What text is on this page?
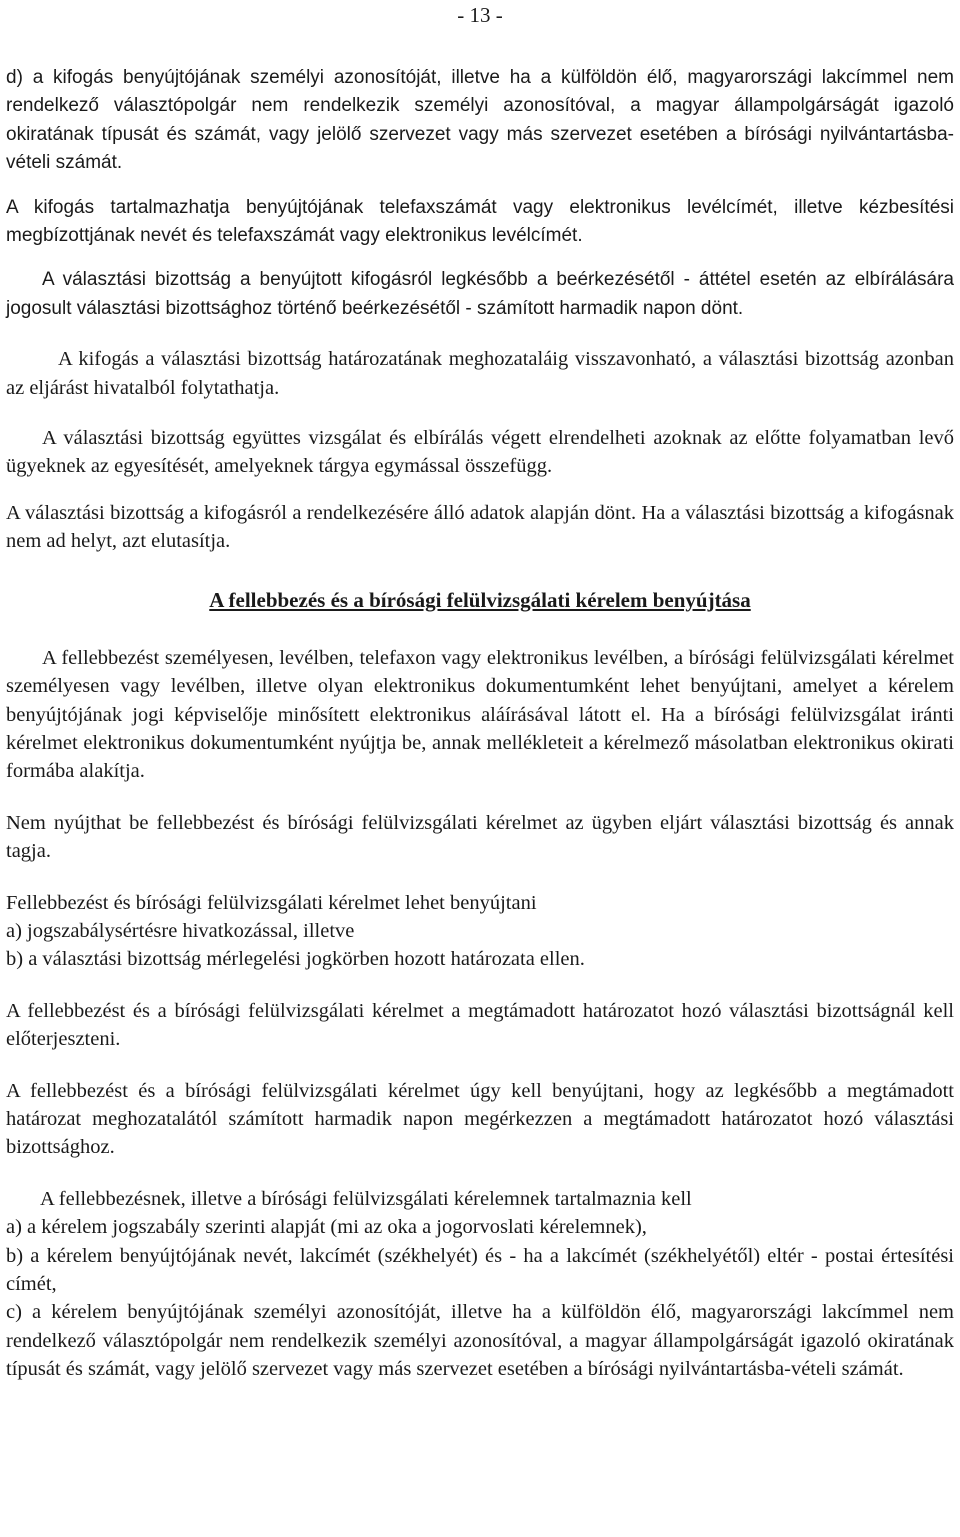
- 13 -

d) a kifogás benyújtójának személyi azonosítóját, illetve ha a külföldön élő, magyarországi lakcímmel nem rendelkező választópolgár nem rendelkezik személyi azonosítóval, a magyar állampolgárságát igazoló okiratának típusát és számát, vagy jelölő szervezet vagy más szervezet esetében a bírósági nyilvántartásba-vételi számát.

A kifogás tartalmazhatja benyújtójának telefaxszámát vagy elektronikus levélcímét, illetve kézbesítési megbízottjának nevét és telefaxszámát vagy elektronikus levélcímét.

A választási bizottság a benyújtott kifogásról legkésőbb a beérkezésétől - áttétel esetén az elbírálására jogosult választási bizottsághoz történő beérkezésétől - számított harmadik napon dönt.

A kifogás a választási bizottság határozatának meghozataláig visszavonható, a választási bizottság azonban az eljárást hivatalból folytathatja.

A választási bizottság együttes vizsgálat és elbírálás végett elrendelheti azoknak az előtte folyamatban levő ügyeknek az egyesítését, amelyeknek tárgya egymással összefügg.

A választási bizottság a kifogásról a rendelkezésére álló adatok alapján dönt. Ha a választási bizottság a kifogásnak nem ad helyt, azt elutasítja.

A fellebbezés és a bírósági felülvizsgálati kérelem benyújtása

A fellebbezést személyesen, levélben, telefaxon vagy elektronikus levélben, a bírósági felülvizsgálati kérelmet személyesen vagy levélben, illetve olyan elektronikus dokumentumként lehet benyújtani, amelyet a kérelem benyújtójának jogi képviselője minősített elektronikus aláírásával látott el. Ha a bírósági felülvizsgálat iránti kérelmet elektronikus dokumentumként nyújtja be, annak mellékleteit a kérelmező másolatban elektronikus okirati formába alakítja.

Nem nyújthat be fellebbezést és bírósági felülvizsgálati kérelmet az ügyben eljárt választási bizottság és annak tagja.

Fellebbezést és bírósági felülvizsgálati kérelmet lehet benyújtani
a) jogszabálysértésre hivatkozással, illetve
b) a választási bizottság mérlegelési jogkörben hozott határozata ellen.

A fellebbezést és a bírósági felülvizsgálati kérelmet a megtámadott határozatot hozó választási bizottságnál kell előterjeszteni.

A fellebbezést és a bírósági felülvizsgálati kérelmet úgy kell benyújtani, hogy az legkésőbb a megtámadott határozat meghozatalától számított harmadik napon megérkezzen a megtámadott határozatot hozó választási bizottsághoz.

A fellebbezésnek, illetve a bírósági felülvizsgálati kérelemnek tartalmaznia kell
a) a kérelem jogszabály szerinti alapját (mi az oka a jogorvoslati kérelemnek),
b) a kérelem benyújtójának nevét, lakcímét (székhelyét) és - ha a lakcímét (székhelyétől) eltér - postai értesítési címét,
c) a kérelem benyújtójának személyi azonosítóját, illetve ha a külföldön élő, magyarországi lakcímmel nem rendelkező választópolgár nem rendelkezik személyi azonosítóval, a magyar állampolgárságát igazoló okiratának típusát és számát, vagy jelölő szervezet vagy más szervezet esetében a bírósági nyilvántartásba-vételi számát.
